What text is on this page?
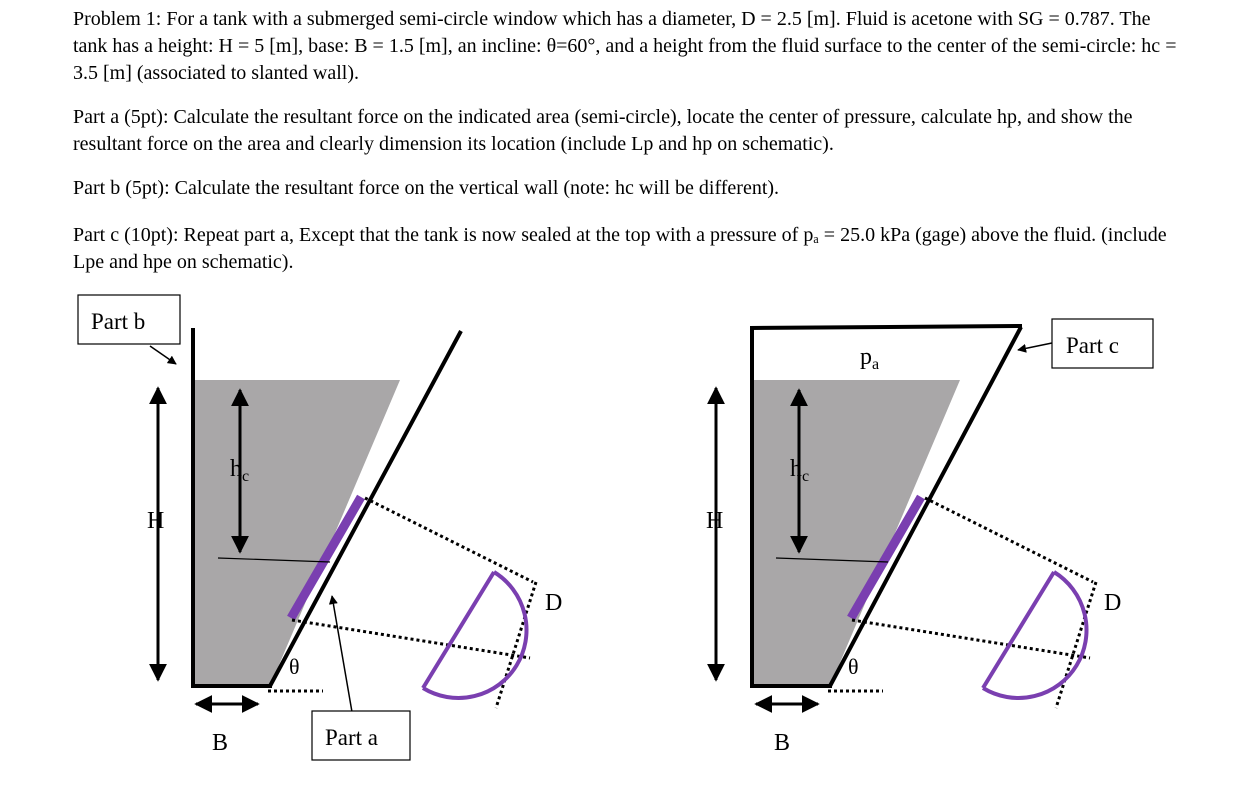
Problem 1: For a tank with a submerged semi-circle window which has a diameter, D = 2.5 [m]. Fluid is acetone with SG = 0.787. The tank has a height: H = 5 [m], base: B = 1.5 [m], an incline: θ=60°, and a height from the fluid surface to the center of the semi-circle: hc = 3.5 [m] (associated to slanted wall).

Part a (5pt): Calculate the resultant force on the indicated area (semi-circle), locate the center of pressure, calculate hp, and show the resultant force on the area and clearly dimension its location (include Lp and hp on schematic).

Part b (5pt): Calculate the resultant force on the vertical wall (note: hc will be different).

Part c (10pt): Repeat part a, Except that the tank is now sealed at the top with a pressure of pₐ = 25.0 kPa (gage) above the fluid. (include Lpe and hpe on schematic).

$h_c$
H
B
D
θ
Part b
Part a
$p_a$
$h_c$
H
B
D
θ
Part c
